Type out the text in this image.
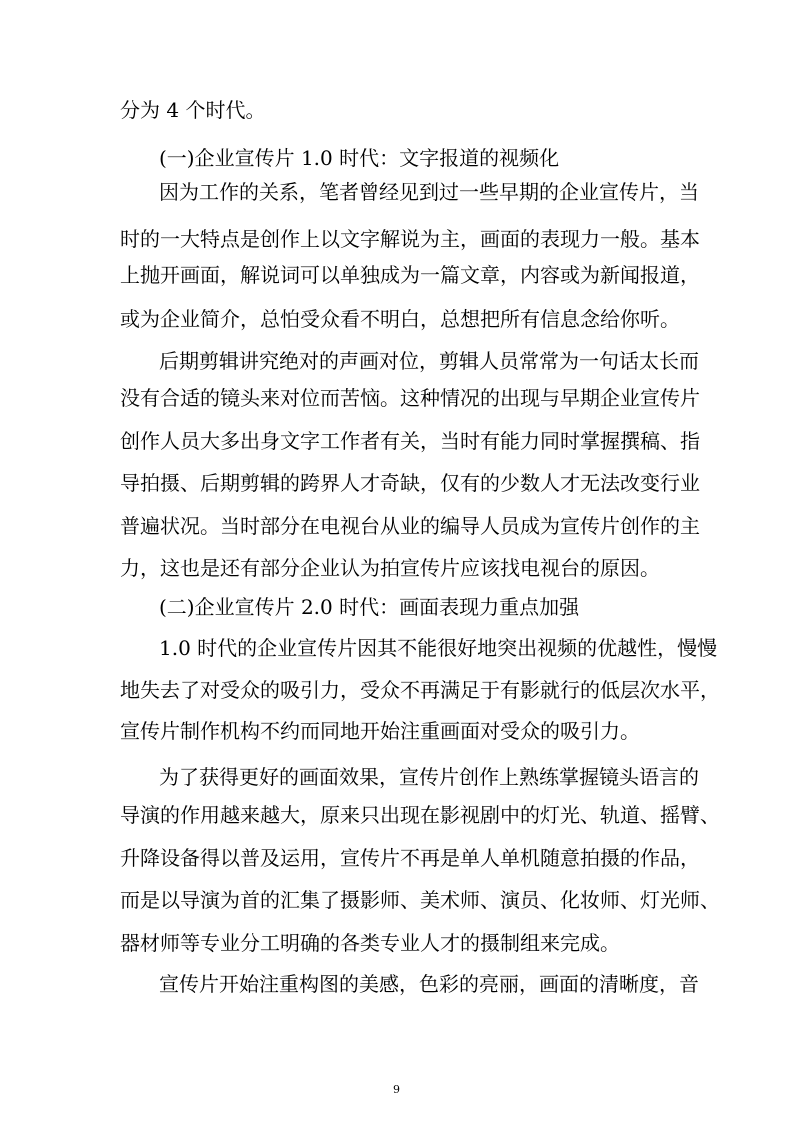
分为 4 个时代。
(一)企业宣传片 1.0 时代：文字报道的视频化
因为工作的关系，笔者曾经见到过一些早期的企业宣传片，当
时的一大特点是创作上以文字解说为主，画面的表现力一般。基本
上抛开画面，解说词可以单独成为一篇文章，内容或为新闻报道，
或为企业简介，总怕受众看不明白，总想把所有信息念给你听。
后期剪辑讲究绝对的声画对位，剪辑人员常常为一句话太长而
没有合适的镜头来对位而苦恼。这种情况的出现与早期企业宣传片
创作人员大多出身文字工作者有关，当时有能力同时掌握撰稿、指
导拍摄、后期剪辑的跨界人才奇缺，仅有的少数人才无法改变行业
普遍状况。当时部分在电视台从业的编导人员成为宣传片创作的主
力，这也是还有部分企业认为拍宣传片应该找电视台的原因。
(二)企业宣传片 2.0 时代：画面表现力重点加强
1.0 时代的企业宣传片因其不能很好地突出视频的优越性，慢慢
地失去了对受众的吸引力，受众不再满足于有影就行的低层次水平，
宣传片制作机构不约而同地开始注重画面对受众的吸引力。
为了获得更好的画面效果，宣传片创作上熟练掌握镜头语言的
导演的作用越来越大，原来只出现在影视剧中的灯光、轨道、摇臂、
升降设备得以普及运用，宣传片不再是单人单机随意拍摄的作品，
而是以导演为首的汇集了摄影师、美术师、演员、化妆师、灯光师、
器材师等专业分工明确的各类专业人才的摄制组来完成。
宣传片开始注重构图的美感，色彩的亮丽，画面的清晰度，音
9
